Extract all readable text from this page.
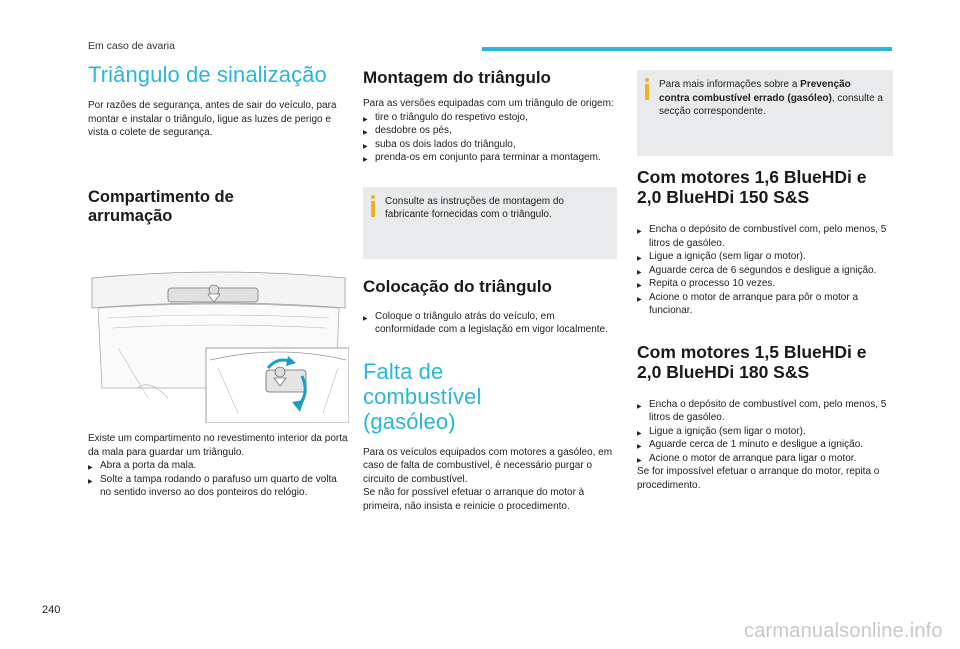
Em caso de avaria
Triângulo de sinalização

Por razões de segurança, antes de sair do veículo, para montar e instalar o triângulo, ligue as luzes de perigo e vista o colete de segurança.

Compartimento de arrumação

Existe um compartimento no revestimento interior da porta da mala para guardar um triângulo.

▶ Abra a porta da mala.
▶ Solte a tampa rodando o parafuso um quarto de volta no sentido inverso ao dos ponteiros do relógio.
Montagem do triângulo

Para as versões equipadas com um triângulo de origem:

▶ tire o triângulo do respetivo estojo,
▶ desdobre os pés,
▶ suba os dois lados do triângulo,
▶ prenda-os em conjunto para terminar a montagem.
Consulte as instruções de montagem do fabricante fornecidas com o triângulo.
Colocação do triângulo
▶ Coloque o triângulo atrás do veículo, em conformidade com a legislação em vigor localmente.
Falta de combustível (gasóleo)

Para os veículos equipados com motores a gasóleo, em caso de falta de combustível, é necessário purgar o circuito de combustível.

Se não for possível efetuar o arranque do motor à primeira, não insista e reinicie o procedimento.

Para mais informações sobre a Prevenção contra combustível errado (gasóleo), consulte a secção correspondente.
Com motores 1,6 BlueHDi e 2,0 BlueHDi 150 S&S
▶ Encha o depósito de combustível com, pelo menos, 5 litros de gasóleo.
▶ Ligue a ignição (sem ligar o motor).
▶ Aguarde cerca de 6 segundos e desligue a ignição.
▶ Repita o processo 10 vezes.
▶ Acione o motor de arranque para pôr o motor a funcionar.
Com motores 1,5 BlueHDi e 2,0 BlueHDi 180 S&S
▶ Encha o depósito de combustível com, pelo menos, 5 litros de gasóleo.
▶ Ligue a ignição (sem ligar o motor).
▶ Aguarde cerca de 1 minuto e desligue a ignição.
▶ Acione o motor de arranque para ligar o motor.

Se for impossível efetuar o arranque do motor, repita o procedimento.

240
carmanualsonline.info
